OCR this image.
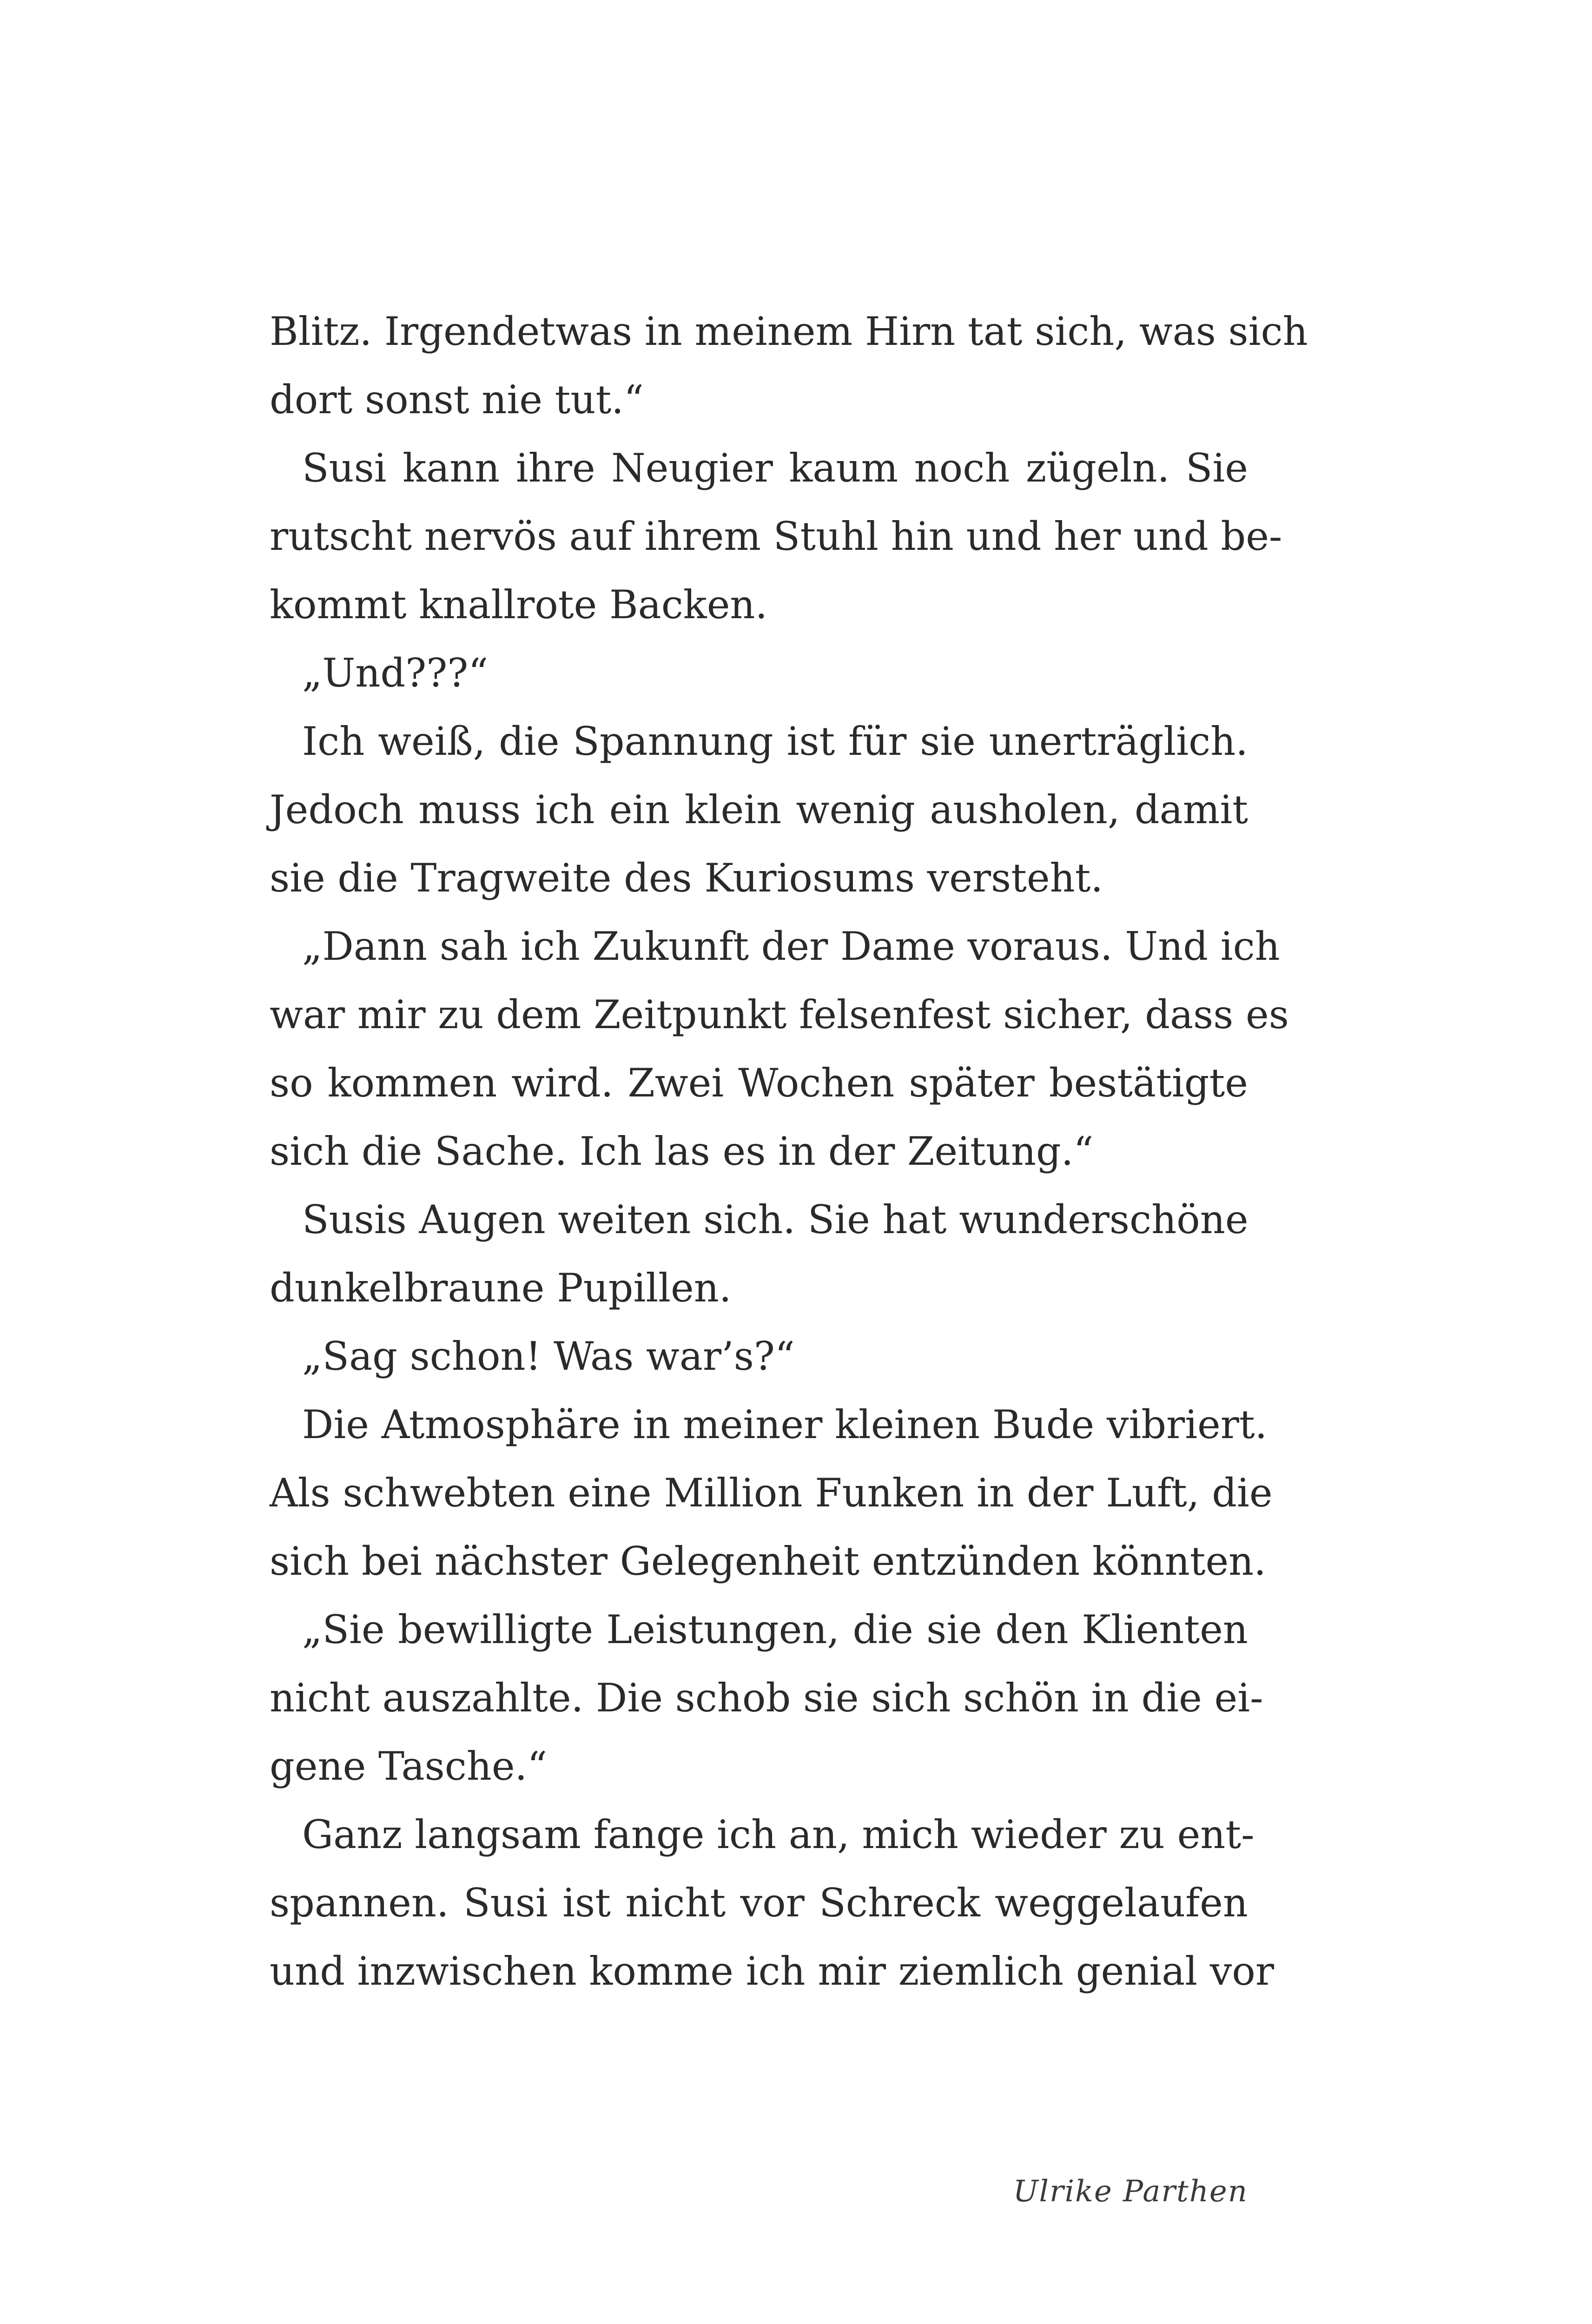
Blitz. Irgendetwas in meinem Hirn tat sich, was sich
dort sonst nie tut.“
Susi kann ihre Neugier kaum noch zügeln. Sie
rutscht nervös auf ihrem Stuhl hin und her und be-
kommt knallrote Backen.
„Und???“
Ich weiß, die Spannung ist für sie unerträglich.
Jedoch muss ich ein klein wenig ausholen, damit
sie die Tragweite des Kuriosums versteht.
„Dann sah ich Zukunft der Dame voraus. Und ich
war mir zu dem Zeitpunkt felsenfest sicher, dass es
so kommen wird. Zwei Wochen später bestätigte
sich die Sache. Ich las es in der Zeitung.“
Susis Augen weiten sich. Sie hat wunderschöne
dunkelbraune Pupillen.
„Sag schon! Was war’s?“
Die Atmosphäre in meiner kleinen Bude vibriert.
Als schwebten eine Million Funken in der Luft, die
sich bei nächster Gelegenheit entzünden könnten.
„Sie bewilligte Leistungen, die sie den Klienten
nicht auszahlte. Die schob sie sich schön in die ei-
gene Tasche.“
Ganz langsam fange ich an, mich wieder zu ent-
spannen. Susi ist nicht vor Schreck weggelaufen
und inzwischen komme ich mir ziemlich genial vor
Ulrike Parthen
